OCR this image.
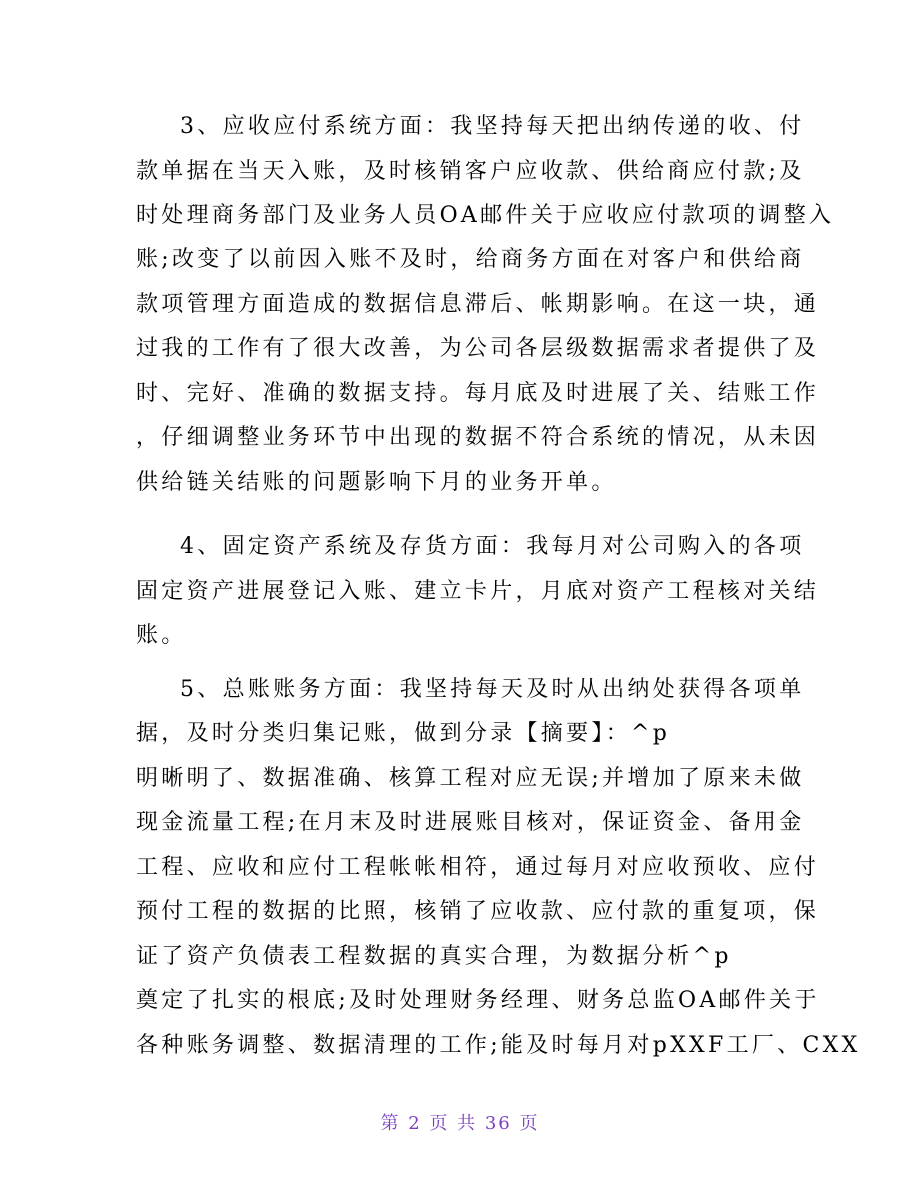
3、应收应付系统方面：我坚持每天把出纳传递的收、付
款单据在当天入账，及时核销客户应收款、供给商应付款;及
时处理商务部门及业务人员OA邮件关于应收应付款项的调整入
账;改变了以前因入账不及时，给商务方面在对客户和供给商
款项管理方面造成的数据信息滞后、帐期影响。在这一块，通
过我的工作有了很大改善，为公司各层级数据需求者提供了及
时、完好、准确的数据支持。每月底及时进展了关、结账工作
，仔细调整业务环节中出现的数据不符合系统的情况，从未因
供给链关结账的问题影响下月的业务开单。
4、固定资产系统及存货方面：我每月对公司购入的各项
固定资产进展登记入账、建立卡片，月底对资产工程核对关结
账。
5、总账账务方面：我坚持每天及时从出纳处获得各项单
据，及时分类归集记账，做到分录【摘要】：^p
明晰明了、数据准确、核算工程对应无误;并增加了原来未做
现金流量工程;在月末及时进展账目核对，保证资金、备用金
工程、应收和应付工程帐帐相符，通过每月对应收预收、应付
预付工程的数据的比照，核销了应收款、应付款的重复项，保
证了资产负债表工程数据的真实合理，为数据分析^p
奠定了扎实的根底;及时处理财务经理、财务总监OA邮件关于
各种账务调整、数据清理的工作;能及时每月对pXXF工厂、CXX
第 2 页 共 36 页
